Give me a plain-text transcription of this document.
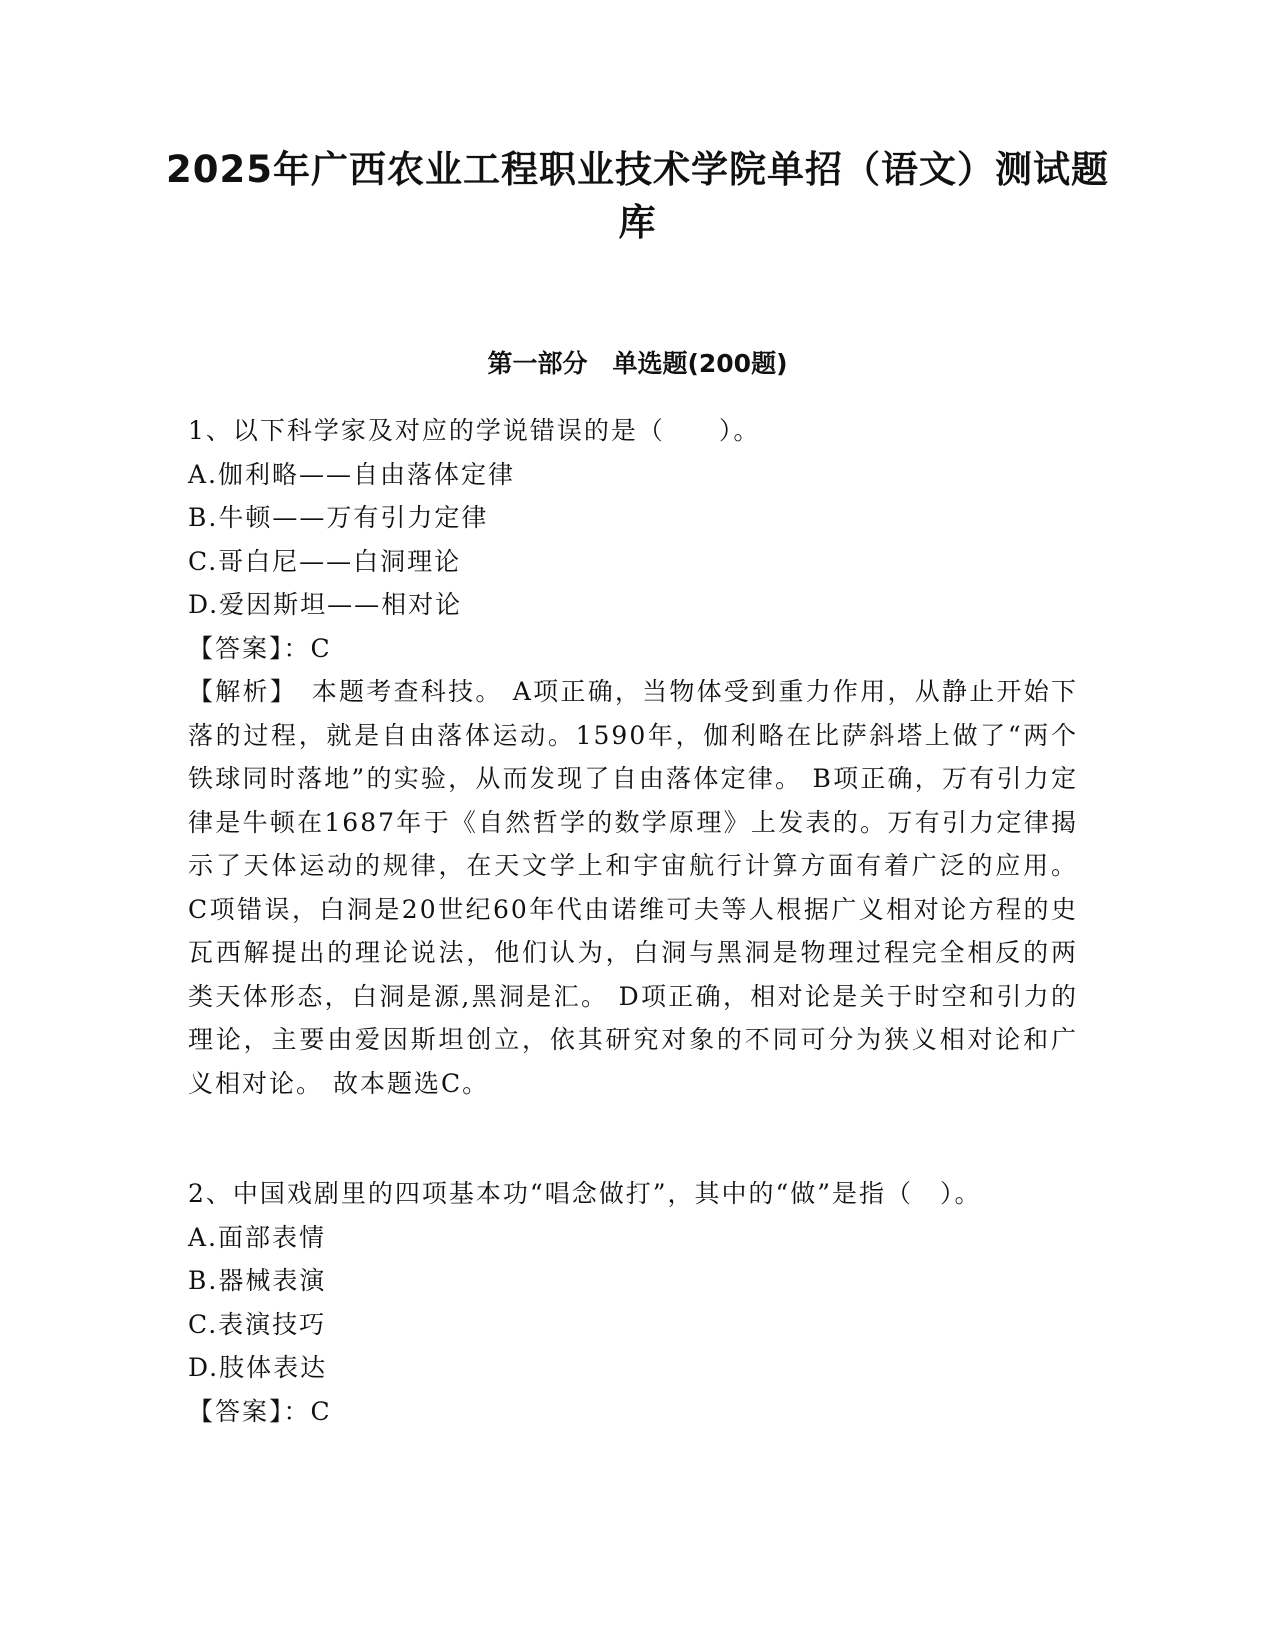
2025年广西农业工程职业技术学院单招（语文）测试题库
第一部分　单选题(200题)

1、以下科学家及对应的学说错误的是（　　）。

A.伽利略——自由落体定律

B.牛顿——万有引力定律

C.哥白尼——白洞理论

D.爱因斯坦——相对论

【答案】：C

【解析】　本题考查科技。 A项正确，当物体受到重力作用，从静止开始下落的过程，就是自由落体运动。1590年，伽利略在比萨斜塔上做了“两个铁球同时落地”的实验，从而发现了自由落体定律。 B项正确，万有引力定律是牛顿在1687年于《自然哲学的数学原理》上发表的。万有引力定律揭示了天体运动的规律，在天文学上和宇宙航行计算方面有着广泛的应用。 C项错误，白洞是20世纪60年代由诺维可夫等人根据广义相对论方程的史瓦西解提出的理论说法，他们认为，白洞与黑洞是物理过程完全相反的两类天体形态，白洞是源,黑洞是汇。 D项正确，相对论是关于时空和引力的理论，主要由爱因斯坦创立，依其研究对象的不同可分为狭义相对论和广义相对论。 故本题选C。

2、中国戏剧里的四项基本功“唱念做打”，其中的“做”是指（　）。

A.面部表情

B.器械表演

C.表演技巧

D.肢体表达

【答案】：C
